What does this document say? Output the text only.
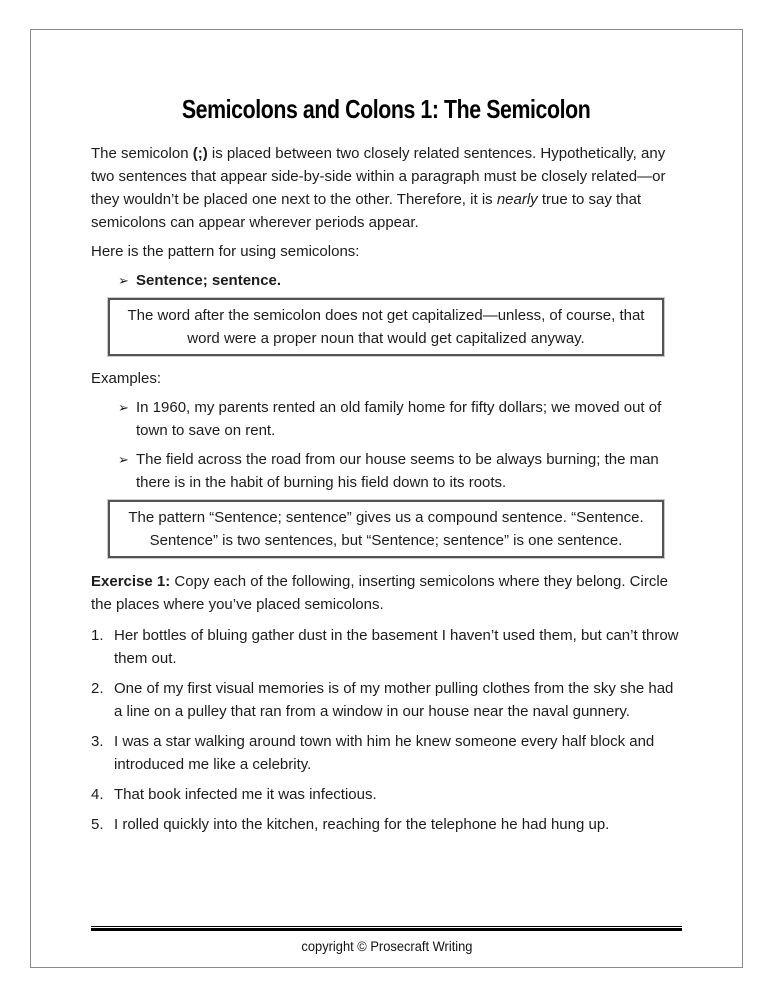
Semicolons and Colons 1: The Semicolon

The semicolon (;) is placed between two closely related sentences. Hypothetically, any two sentences that appear side-by-side within a paragraph must be closely related—or they wouldn’t be placed one next to the other. Therefore, it is nearly true to say that semicolons can appear wherever periods appear.

Here is the pattern for using semicolons:

➢ Sentence; sentence.
The word after the semicolon does not get capitalized—unless, of course, that word were a proper noun that would get capitalized anyway.

Examples:

➢ In 1960, my parents rented an old family home for fifty dollars; we moved out of town to save on rent.
➢ The field across the road from our house seems to be always burning; the man there is in the habit of burning his field down to its roots.
The pattern “Sentence; sentence” gives us a compound sentence. “Sentence. Sentence” is two sentences, but “Sentence; sentence” is one sentence.

Exercise 1: Copy each of the following, inserting semicolons where they belong. Circle the places where you’ve placed semicolons.

1. Her bottles of bluing gather dust in the basement I haven’t used them, but can’t throw them out.
2. One of my first visual memories is of my mother pulling clothes from the sky she had a line on a pulley that ran from a window in our house near the naval gunnery.
3. I was a star walking around town with him he knew someone every half block and introduced me like a celebrity.
4. That book infected me it was infectious.
5. I rolled quickly into the kitchen, reaching for the telephone he had hung up.
copyright © Prosecraft Writing
